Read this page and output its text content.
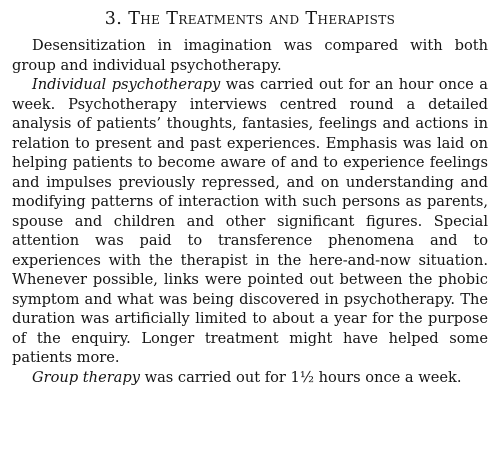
3. The Treatments and Therapists

Desensitization in imagination was compared with both group and individual psychotherapy.

Individual psychotherapy was carried out for an hour once a week. Psychotherapy interviews centred round a detailed analysis of patients’ thoughts, fantasies, feelings and actions in relation to present and past experiences. Emphasis was laid on helping patients to become aware of and to experience feelings and impulses previously repressed, and on understanding and modifying patterns of interaction with such persons as parents, spouse and children and other significant figures. Special attention was paid to transference phenomena and to experiences with the therapist in the here-and-now situation. Whenever possible, links were pointed out between the phobic symptom and what was being discovered in psychotherapy. The duration was artificially limited to about a year for the purpose of the enquiry. Longer treatment might have helped some patients more.

Group therapy was carried out for 1½ hours once a week.
